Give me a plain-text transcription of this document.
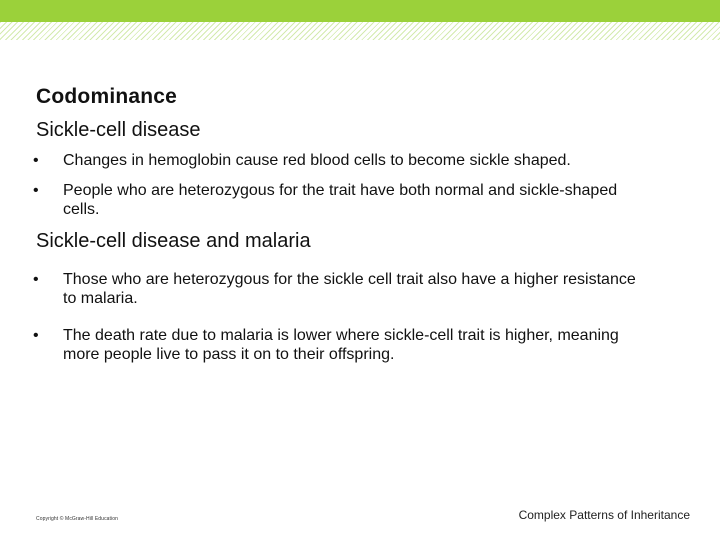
Codominance
Sickle-cell disease
• Changes in hemoglobin cause red blood cells to become sickle shaped.
• People who are heterozygous for the trait have both normal and sickle-shaped cells.
Sickle-cell disease and malaria
• Those who are heterozygous for the sickle cell trait also have a higher resistance to malaria.
• The death rate due to malaria is lower where sickle-cell trait is higher, meaning more people live to pass it on to their offspring.
Copyright © McGraw-Hill Education	Complex Patterns of Inheritance
